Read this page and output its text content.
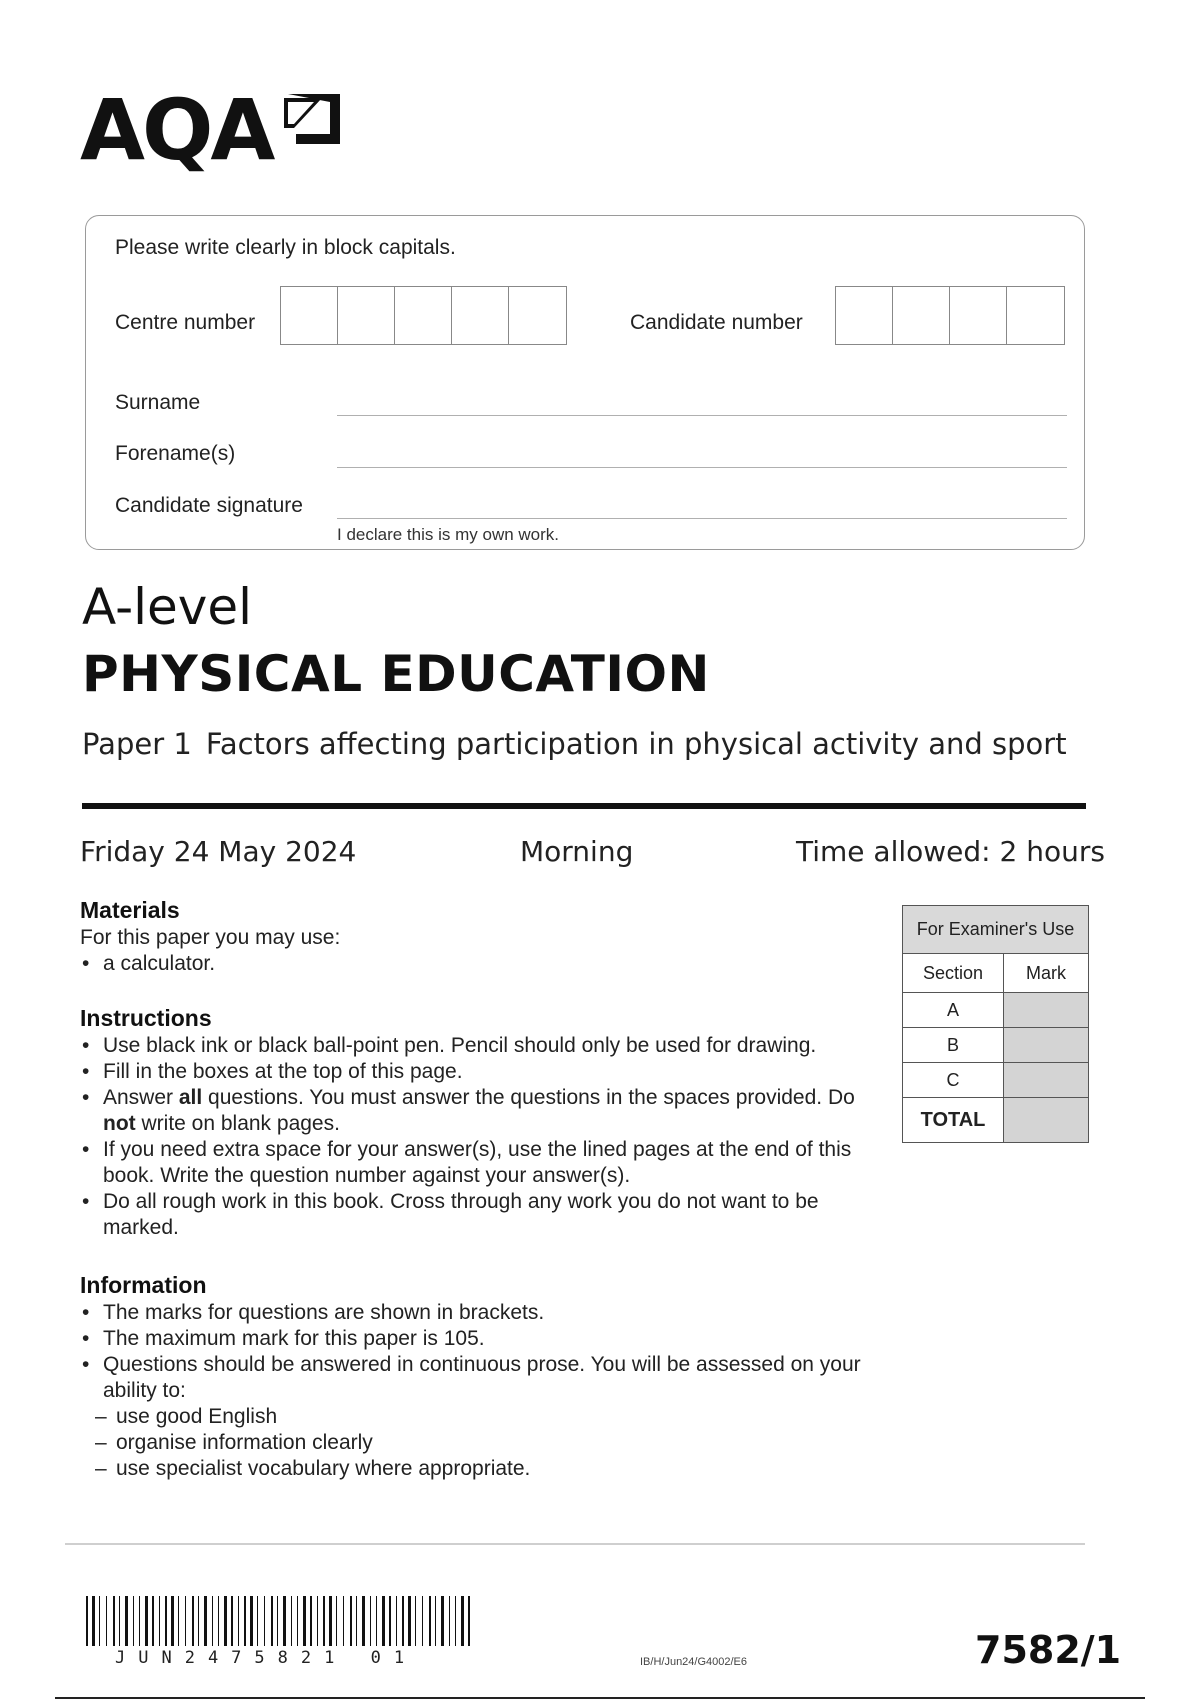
AQA
Please write clearly in block capitals.
Centre number	Candidate number
Surname
Forename(s)
Candidate signature
I declare this is my own work.
A-level
PHYSICAL EDUCATION
Paper 1 Factors affecting participation in physical activity and sport
Friday 24 May 2024	Morning	Time allowed: 2 hours
Materials

For this paper you may use:

• a calculator.
Instructions
• Use black ink or black ball-point pen. Pencil should only be used for drawing.
• Fill in the boxes at the top of this page.
• Answer all questions. You must answer the questions in the spaces provided. Do not write on blank pages.
• If you need extra space for your answer(s), use the lined pages at the end of this book. Write the question number against your answer(s).
• Do all rough work in this book. Cross through any work you do not want to be marked.
Information
• The marks for questions are shown in brackets.
• The maximum mark for this paper is 105.
• Questions should be answered in continuous prose. You will be assessed on your ability to:
– use good English
– organise information clearly
– use specialist vocabulary where appropriate.
For Examiner's Use	
Section	Mark
A	
B	
C	
TOTAL	
JUN2475821 01	IB/H/Jun24/G4002/E6	7582/1
